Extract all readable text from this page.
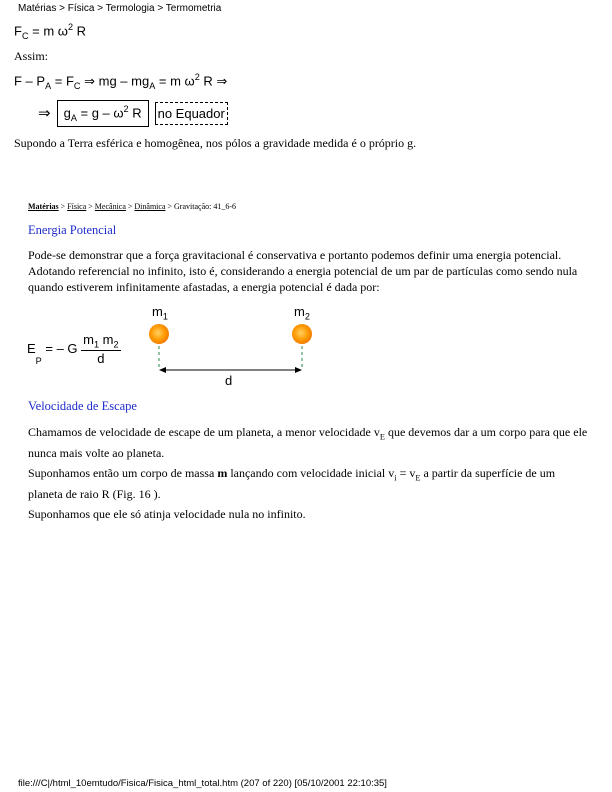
Matérias > Física > Termologia > Termometria
$F_C = m$ $\omega^2$ R
Assim:
$F - P_A = F_C$ ⇒ mg – $mg_A = m$ $\omega^2$ R ⇒
⇒	$g_A = g - \omega^2$ R	no Equador
Supondo a Terra esférica e homogênea, nos pólos a gravidade medida é o próprio g.
Matérias > Física > Mecânica > Dinâmica > Gravitação: 41_6-6
Energia Potencial
Pode-se demonstrar que a força gravitacional é conservativa e portanto podemos definir uma energia potencial. Adotando referencial no infinito, isto é, considerando a energia potencial de um par de partículas como sendo nula quando estiverem infinitamente afastadas, a energia potencial é dada por:
E
$_P$
= – G $\frac{m_1 m_2}{d}$
$m_1$	$m_2$
d
Velocidade de Escape
Chamamos de velocidade de escape de um planeta, a menor velocidade $v_E$ que devemos dar a um corpo para que ele nunca mais volte ao planeta.
Suponhamos então um corpo de massa m lançando com velocidade inicial $v_i = v_E$ a partir da superfície de um planeta de raio R (Fig. 16 ).
Suponhamos que ele só atinja velocidade nula no infinito.
file:///C|/html_10emtudo/Fisica/Fisica_html_total.htm (207 of 220) [05/10/2001 22:10:35]
